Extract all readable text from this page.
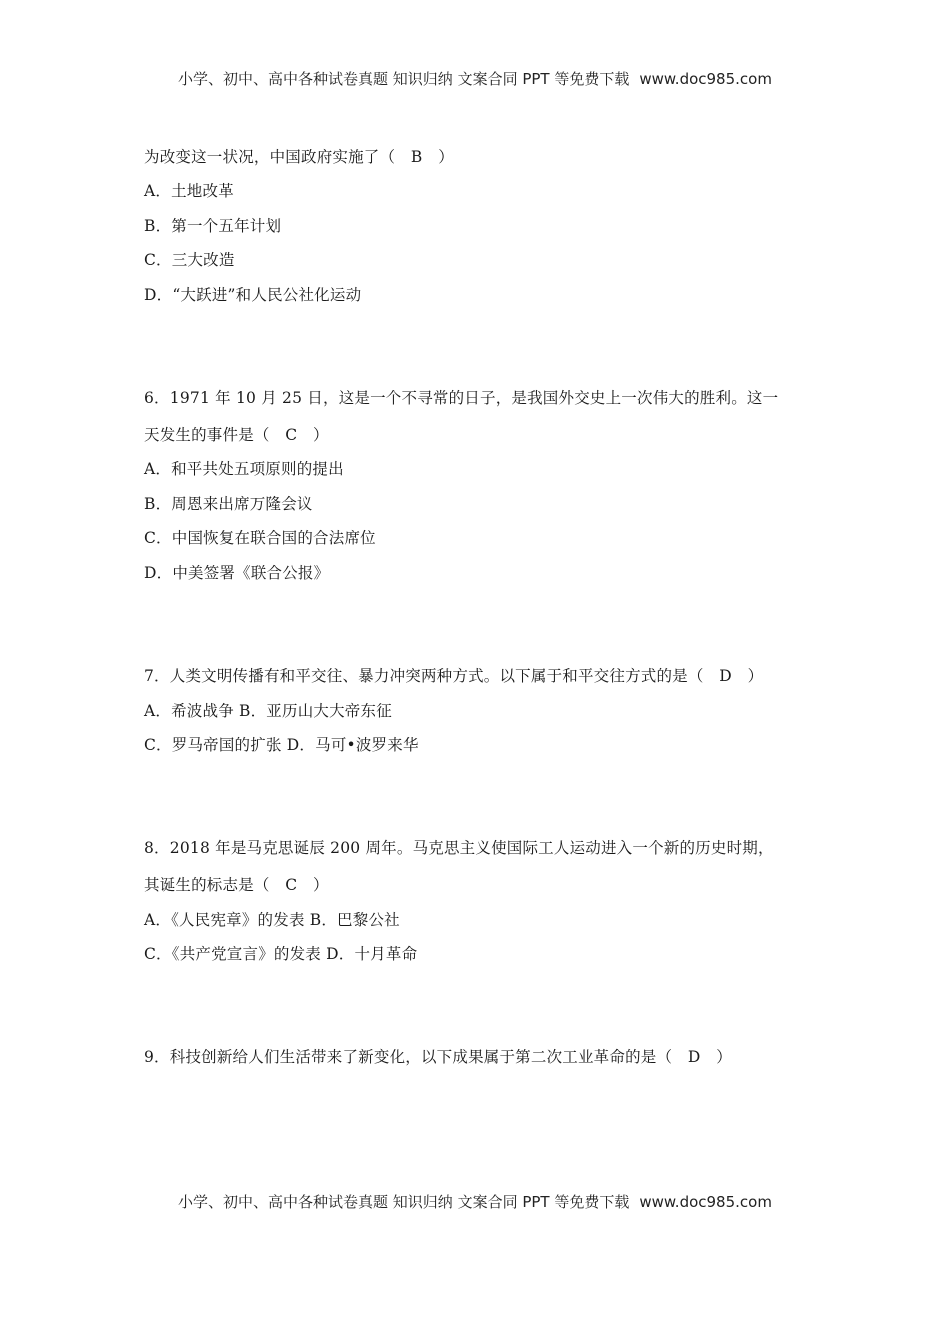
小学、初中、高中各种试卷真题 知识归纳 文案合同 PPT 等免费下载 www.doc985.com
为改变这一状况，中国政府实施了（　B　）
A．土地改革
B．第一个五年计划
C．三大改造
D．“大跃进”和人民公社化运动
6．1971 年 10 月 25 日，这是一个不寻常的日子，是我国外交史上一次伟大的胜利。这一
天发生的事件是（　C　）
A．和平共处五项原则的提出
B．周恩来出席万隆会议
C．中国恢复在联合国的合法席位
D．中美签署《联合公报》
7．人类文明传播有和平交往、暴力冲突两种方式。以下属于和平交往方式的是（　D　）
A．希波战争 B．亚历山大大帝东征
C．罗马帝国的扩张 D．马可•波罗来华
8．2018 年是马克思诞辰 200 周年。马克思主义使国际工人运动进入一个新的历史时期，
其诞生的标志是（　C　）
A．《人民宪章》的发表 B．巴黎公社
C．《共产党宣言》的发表 D．十月革命
9．科技创新给人们生活带来了新变化，以下成果属于第二次工业革命的是（　D　）
小学、初中、高中各种试卷真题 知识归纳 文案合同 PPT 等免费下载 www.doc985.com
